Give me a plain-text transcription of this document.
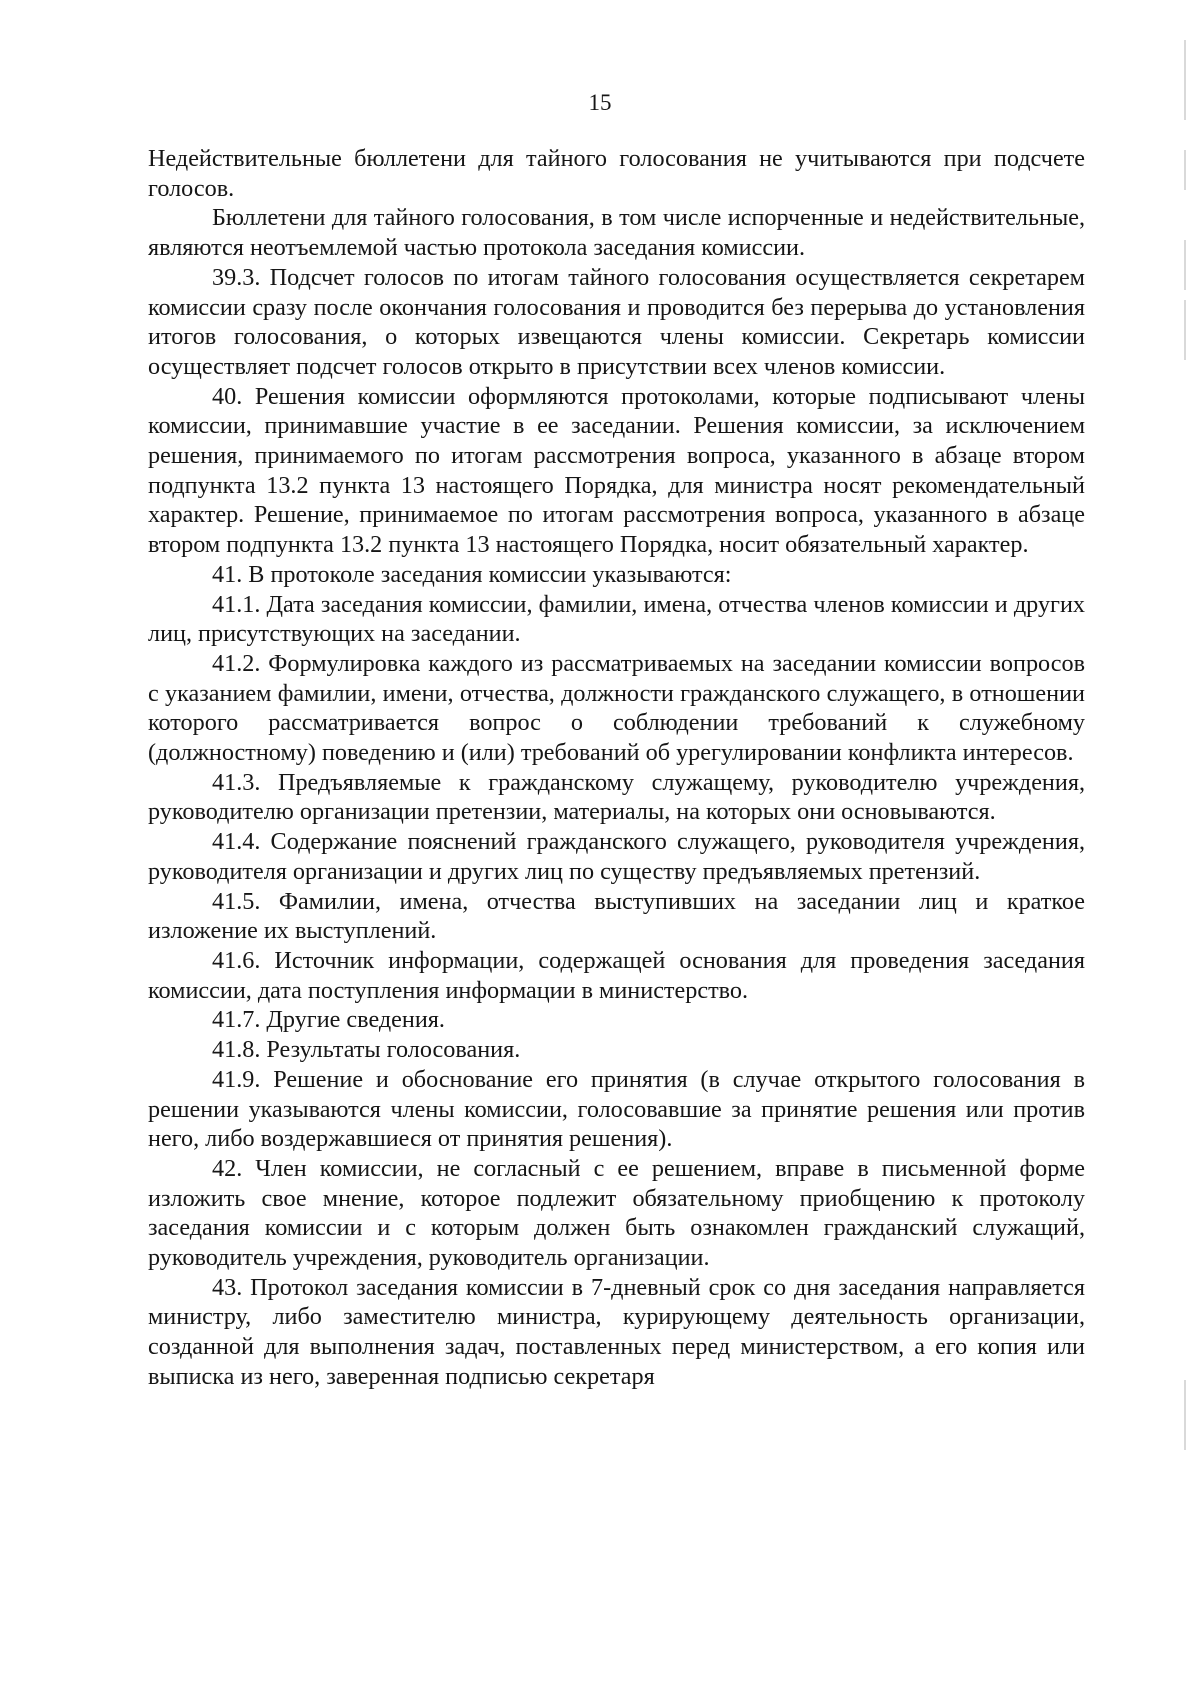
15

Недействительные бюллетени для тайного голосования не учитываются при подсчете голосов.

Бюллетени для тайного голосования, в том числе испорченные и недействительные, являются неотъемлемой частью протокола заседания комиссии.

39.3. Подсчет голосов по итогам тайного голосования осуществляется секретарем комиссии сразу после окончания голосования и проводится без перерыва до установления итогов голосования, о которых извещаются члены комиссии. Секретарь комиссии осуществляет подсчет голосов открыто в присутствии всех членов комиссии.

40. Решения комиссии оформляются протоколами, которые подписывают члены комиссии, принимавшие участие в ее заседании. Решения комиссии, за исключением решения, принимаемого по итогам рассмотрения вопроса, указанного в абзаце втором подпункта 13.2 пункта 13 настоящего Порядка, для министра носят рекомендательный характер. Решение, принимаемое по итогам рассмотрения вопроса, указанного в абзаце втором подпункта 13.2 пункта 13 настоящего Порядка, носит обязательный характер.

41. В протоколе заседания комиссии указываются:

41.1. Дата заседания комиссии, фамилии, имена, отчества членов комиссии и других лиц, присутствующих на заседании.

41.2. Формулировка каждого из рассматриваемых на заседании комиссии вопросов с указанием фамилии, имени, отчества, должности гражданского служащего, в отношении которого рассматривается вопрос о соблюдении требований к служебному (должностному) поведению и (или) требований об урегулировании конфликта интересов.

41.3. Предъявляемые к гражданскому служащему, руководителю учреждения, руководителю организации претензии, материалы, на которых они основываются.

41.4. Содержание пояснений гражданского служащего, руководителя учреждения, руководителя организации и других лиц по существу предъявляемых претензий.

41.5. Фамилии, имена, отчества выступивших на заседании лиц и краткое изложение их выступлений.

41.6. Источник информации, содержащей основания для проведения заседания комиссии, дата поступления информации в министерство.

41.7. Другие сведения.

41.8. Результаты голосования.

41.9. Решение и обоснование его принятия (в случае открытого голосования в решении указываются члены комиссии, голосовавшие за принятие решения или против него, либо воздержавшиеся от принятия решения).

42. Член комиссии, не согласный с ее решением, вправе в письменной форме изложить свое мнение, которое подлежит обязательному приобщению к протоколу заседания комиссии и с которым должен быть ознакомлен гражданский служащий, руководитель учреждения, руководитель организации.

43. Протокол заседания комиссии в 7-дневный срок со дня заседания направляется министру, либо заместителю министра, курирующему деятельность организации, созданной для выполнения задач, поставленных перед министерством, а его копия или выписка из него, заверенная подписью секретаря
